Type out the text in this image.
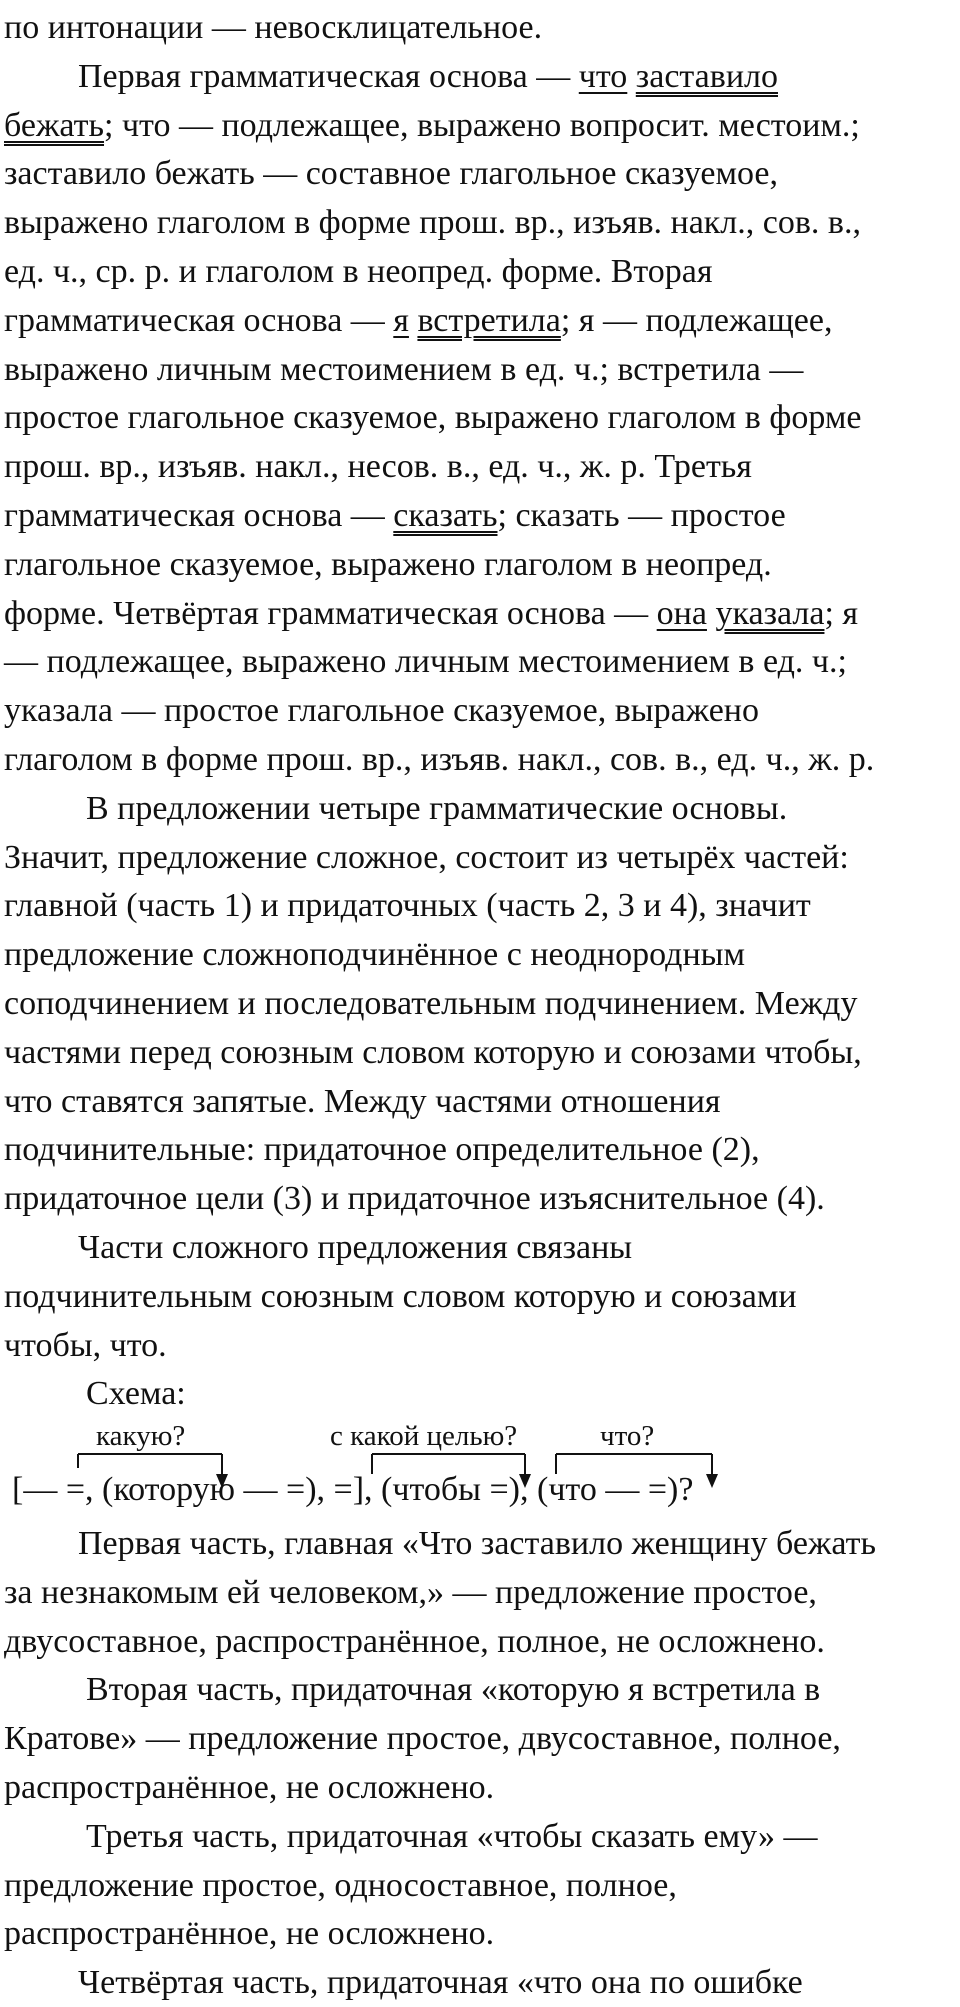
по интонации — невосклицательное.
Первая грамматическая основа — что заставило
бежать; что — подлежащее, выражено вопросит. местоим.;
заставило бежать — составное глагольное сказуемое,
выражено глаголом в форме прош. вр., изъяв. накл., сов. в.,
ед. ч., ср. р. и глаголом в неопред. форме. Вторая
грамматическая основа — я встретила; я — подлежащее,
выражено личным местоимением в ед. ч.; встретила —
простое глагольное сказуемое, выражено глаголом в форме
прош. вр., изъяв. накл., несов. в., ед. ч., ж. р. Третья
грамматическая основа — сказать; сказать — простое
глагольное сказуемое, выражено глаголом в неопред.
форме. Четвёртая грамматическая основа — она указала; я
— подлежащее, выражено личным местоимением в ед. ч.;
указала — простое глагольное сказуемое, выражено
глаголом в форме прош. вр., изъяв. накл., сов. в., ед. ч., ж. р.
В предложении четыре грамматические основы.
Значит, предложение сложное, состоит из четырёх частей:
главной (часть 1) и придаточных (часть 2, 3 и 4), значит
предложение сложноподчинённое с неоднородным
соподчинением и последовательным подчинением. Между
частями перед союзным словом которую и союзами чтобы,
что ставятся запятые. Между частями отношения
подчинительные: придаточное определительное (2),
придаточное цели (3) и придаточное изъяснительное (4).
Части сложного предложения связаны
подчинительным союзным словом которую и союзами
чтобы, что.
Схема:
какую?	с какой целью?	что?
[— =, (которую — =), =], (чтобы =), (что — =)?
Первая часть, главная «Что заставило женщину бежать
за незнакомым ей человеком,» — предложение простое,
двусоставное, распространённое, полное, не осложнено.
Вторая часть, придаточная «которую я встретила в
Кратове» — предложение простое, двусоставное, полное,
распространённое, не осложнено.
Третья часть, придаточная «чтобы сказать ему» —
предложение простое, односоставное, полное,
распространённое, не осложнено.
Четвёртая часть, придаточная «что она по ошибке
